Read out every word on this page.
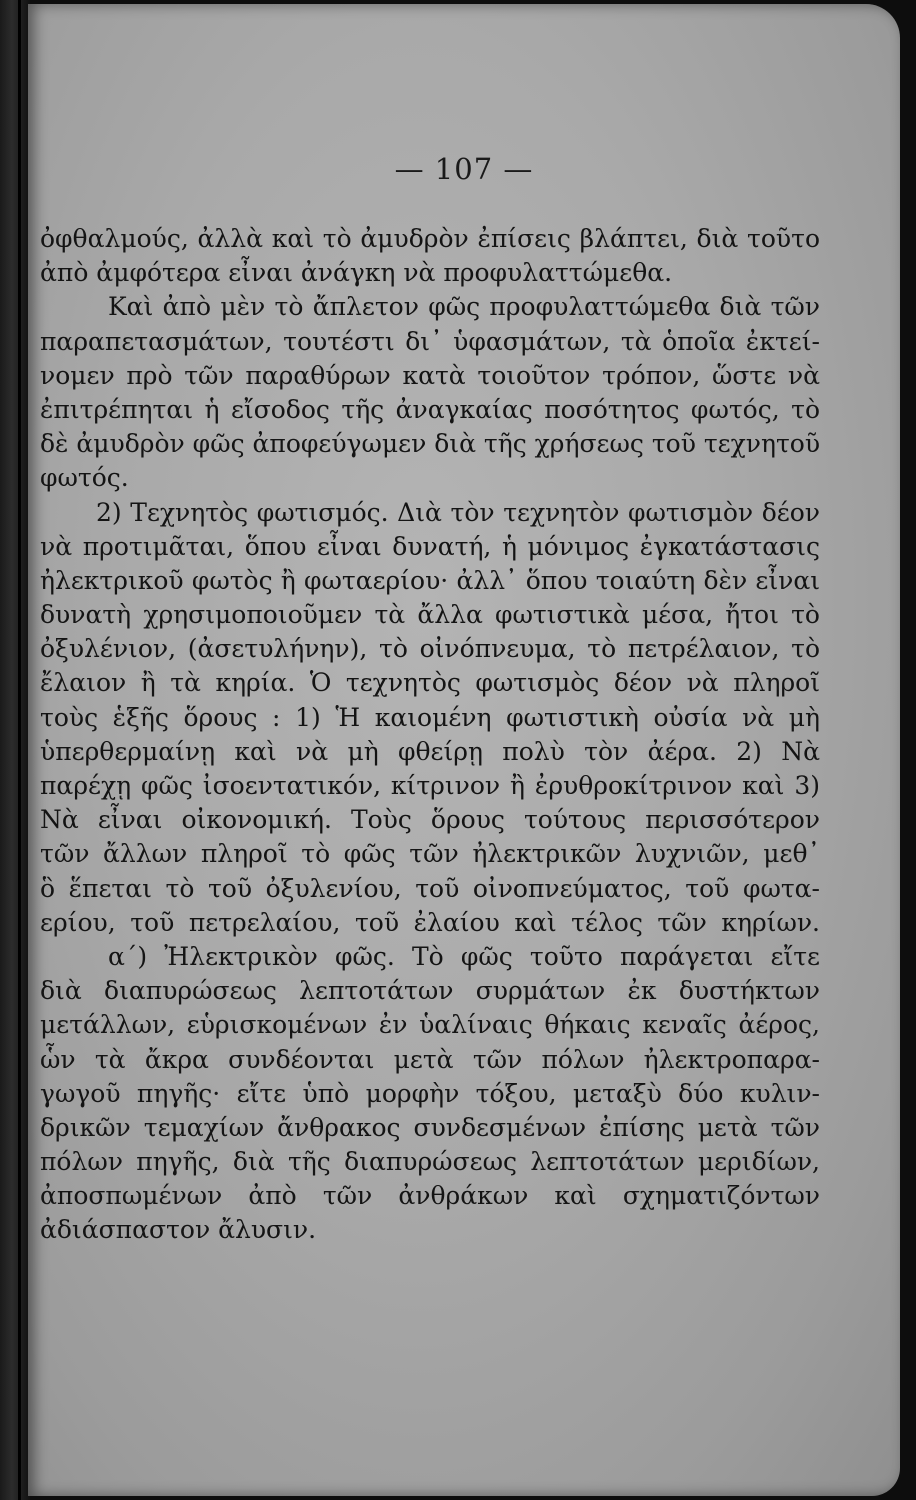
— 107 —
ὀφθαλμούς, ἀλλὰ καὶ τὸ ἀμυδρὸν ἐπίσεις βλάπτει, διὰ τοῦτο
ἀπὸ ἀμφότερα εἶναι ἀνάγκη νὰ προφυλαττώμεθα.
Καὶ ἀπὸ μὲν τὸ ἄπλετον φῶς προφυλαττώμεθα διὰ τῶν
παραπετασμάτων, τουτέστι δι᾽ ὑφασμάτων, τὰ ὁποῖα ἐκτεί-
νομεν πρὸ τῶν παραθύρων κατὰ τοιοῦτον τρόπον, ὥστε νὰ
ἐπιτρέπηται ἡ εἴσοδος τῆς ἀναγκαίας ποσότητος φωτός, τὸ
δὲ ἀμυδρὸν φῶς ἀποφεύγωμεν διὰ τῆς χρήσεως τοῦ τεχνητοῦ
φωτός.
2) Τεχνητὸς φωτισμός. Διὰ τὸν τεχνητὸν φωτισμὸν δέον
νὰ προτιμᾶται, ὅπου εἶναι δυνατή, ἡ μόνιμος ἐγκατάστασις
ἠλεκτρικοῦ φωτὸς ἢ φωταερίου· ἀλλ᾽ ὅπου τοιαύτη δὲν εἶναι
δυνατὴ χρησιμοποιοῦμεν τὰ ἄλλα φωτιστικὰ μέσα, ἤτοι τὸ
ὀξυλένιον, (ἀσετυλήνην), τὸ οἰνόπνευμα, τὸ πετρέλαιον, τὸ
ἔλαιον ἢ τὰ κηρία. Ὁ τεχνητὸς φωτισμὸς δέον νὰ πληροῖ
τοὺς ἑξῆς ὅρους : 1) Ἡ καιομένη φωτιστικὴ οὐσία νὰ μὴ
ὑπερθερμαίνῃ καὶ νὰ μὴ φθείρῃ πολὺ τὸν ἀέρα. 2) Νὰ
παρέχῃ φῶς ἰσοεντατικόν, κίτρινον ἢ ἐρυθροκίτρινον καὶ 3)
Νὰ εἶναι οἰκονομική. Τοὺς ὅρους τούτους περισσότερον
τῶν ἄλλων πληροῖ τὸ φῶς τῶν ἠλεκτρικῶν λυχνιῶν, μεθ᾽
ὃ ἕπεται τὸ τοῦ ὀξυλενίου, τοῦ οἰνοπνεύματος, τοῦ φωτα-
ερίου, τοῦ πετρελαίου, τοῦ ἐλαίου καὶ τέλος τῶν κηρίων.
α΄) Ἠλεκτρικὸν φῶς. Τὸ φῶς τοῦτο παράγεται εἴτε
διὰ διαπυρώσεως λεπτοτάτων συρμάτων ἐκ δυστήκτων
μετάλλων, εὑρισκομένων ἐν ὑαλίναις θήκαις κεναῖς ἀέρος,
ὧν τὰ ἄκρα συνδέονται μετὰ τῶν πόλων ἠλεκτροπαρα-
γωγοῦ πηγῆς· εἴτε ὑπὸ μορφὴν τόξου, μεταξὺ δύο κυλιν-
δρικῶν τεμαχίων ἄνθρακος συνδεσμένων ἐπίσης μετὰ τῶν
πόλων πηγῆς, διὰ τῆς διαπυρώσεως λεπτοτάτων μεριδίων,
ἀποσπωμένων ἀπὸ τῶν ἀνθράκων καὶ σχηματιζόντων
ἀδιάσπαστον ἄλυσιν.
